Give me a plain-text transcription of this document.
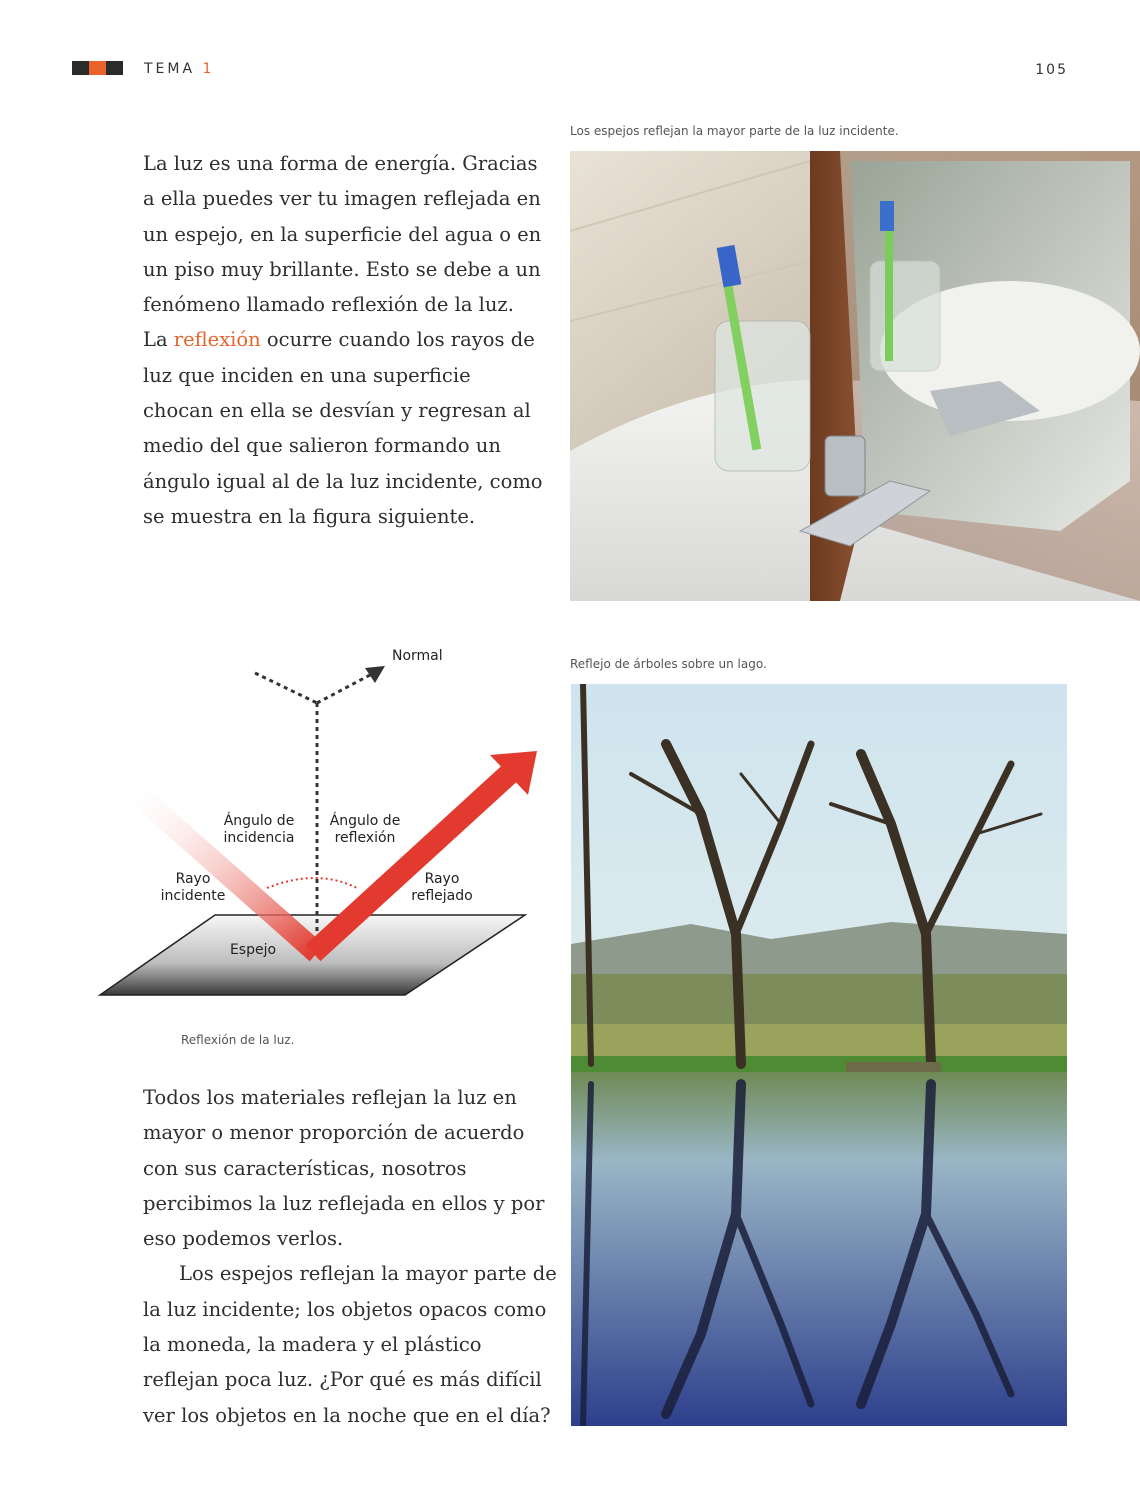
TEMA 1	105
La luz es una forma de energía. Gracias a ella puedes ver tu imagen reflejada en un espejo, en la superficie del agua o en un piso muy brillante. Esto se debe a un fenómeno llamado reflexión de la luz. La reflexión ocurre cuando los rayos de luz que inciden en una superficie chocan en ella se desvían y regresan al medio del que salieron formando un ángulo igual al de la luz incidente, como se muestra en la figura siguiente.
Los espejos reflejan la mayor parte de la luz incidente.
Normal
Ángulo de
incidencia
Ángulo de
reflexión
Rayo
incidente
Rayo
reflejado
Espejo
Reflexión de la luz.
Reflejo de árboles sobre un lago.

Todos los materiales reflejan la luz en mayor o menor proporción de acuerdo con sus características, nosotros percibimos la luz reflejada en ellos y por eso podemos verlos.

Los espejos reflejan la mayor parte de la luz incidente; los objetos opacos como la moneda, la madera y el plástico reflejan poca luz. ¿Por qué es más difícil ver los objetos en la noche que en el día?
